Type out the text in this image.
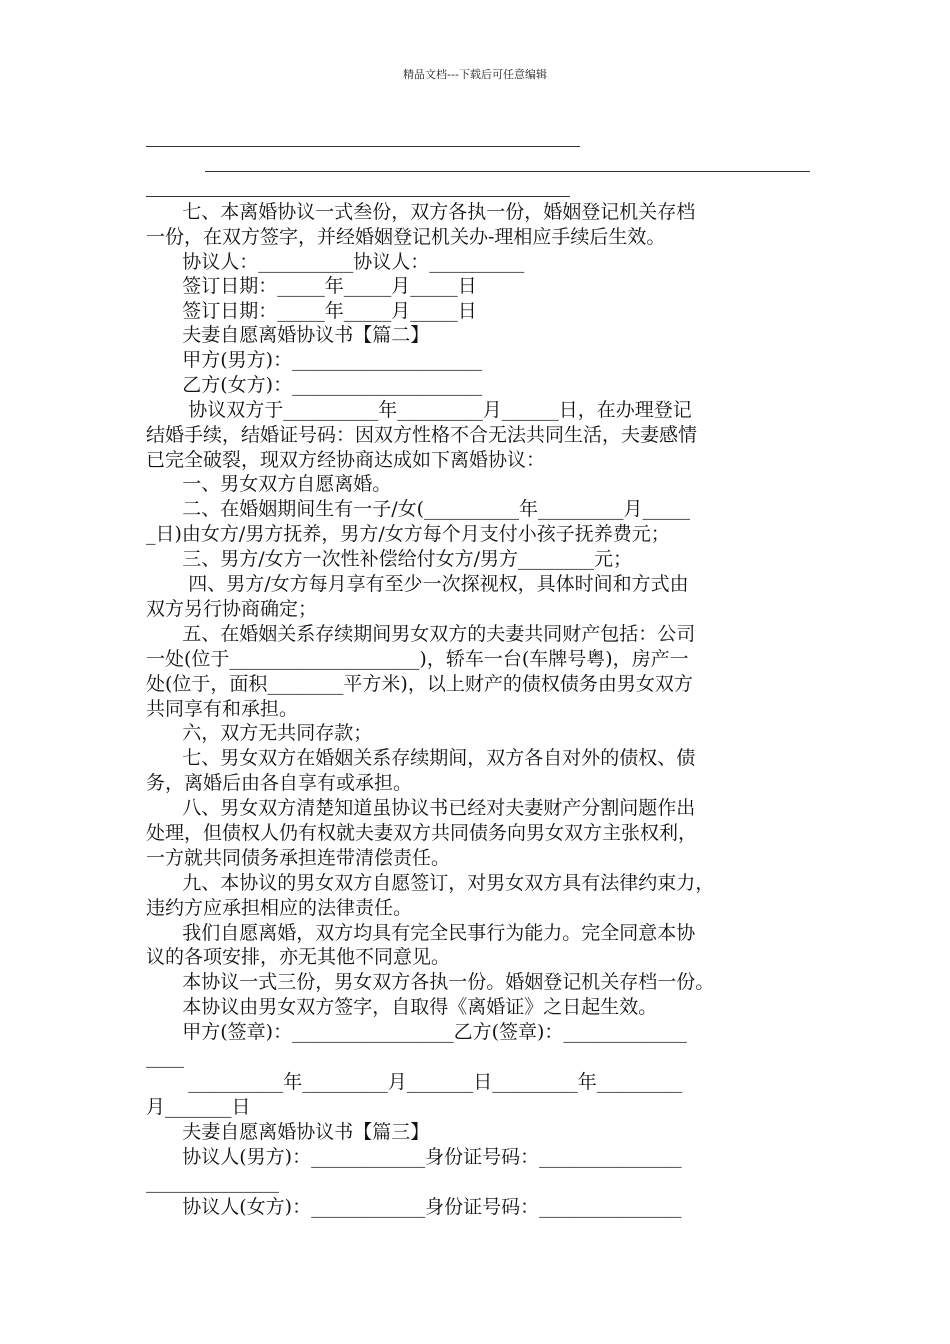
精品文档---下载后可任意编辑
七、本离婚协议一式叁份，双方各执一份，婚姻登记机关存档
一份，在双方签字，并经婚姻登记机关办-理相应手续后生效。
协议人：__________协议人：__________
签订日期：_____年_____月_____日
签订日期：_____年_____月_____日
夫妻自愿离婚协议书【篇二】
甲方(男方)：____________________
乙方(女方)：____________________
协议双方于__________年_________月______日，在办理登记
结婚手续，结婚证号码：因双方性格不合无法共同生活，夫妻感情
已完全破裂，现双方经协商达成如下离婚协议：
一、男女双方自愿离婚。
二、在婚姻期间生有一子/女(__________年_________月_____
_日)由女方/男方抚养，男方/女方每个月支付小孩子抚养费元；
三、男方/女方一次性补偿给付女方/男方________元；
四、男方/女方每月享有至少一次探视权，具体时间和方式由
双方另行协商确定；
五、在婚姻关系存续期间男女双方的夫妻共同财产包括：公司
一处(位于____________________)，轿车一台(车牌号粤)，房产一
处(位于，面积________平方米)，以上财产的债权债务由男女双方
共同享有和承担。
六，双方无共同存款；
七、男女双方在婚姻关系存续期间，双方各自对外的债权、债
务，离婚后由各自享有或承担。
八、男女双方清楚知道虽协议书已经对夫妻财产分割问题作出
处理，但债权人仍有权就夫妻双方共同债务向男女双方主张权利，
一方就共同债务承担连带清偿责任。
九、本协议的男女双方自愿签订，对男女双方具有法律约束力，
违约方应承担相应的法律责任。
我们自愿离婚，双方均具有完全民事行为能力。完全同意本协
议的各项安排，亦无其他不同意见。
本协议一式三份，男女双方各执一份。婚姻登记机关存档一份。
本协议由男女双方签字，自取得《离婚证》之日起生效。
甲方(签章)：_________________乙方(签章)：_____________
____
__________年_________月_______日_________年_________
月_______日
夫妻自愿离婚协议书【篇三】
协议人(男方)：____________身份证号码：_______________
______________
协议人(女方)：____________身份证号码：_______________
